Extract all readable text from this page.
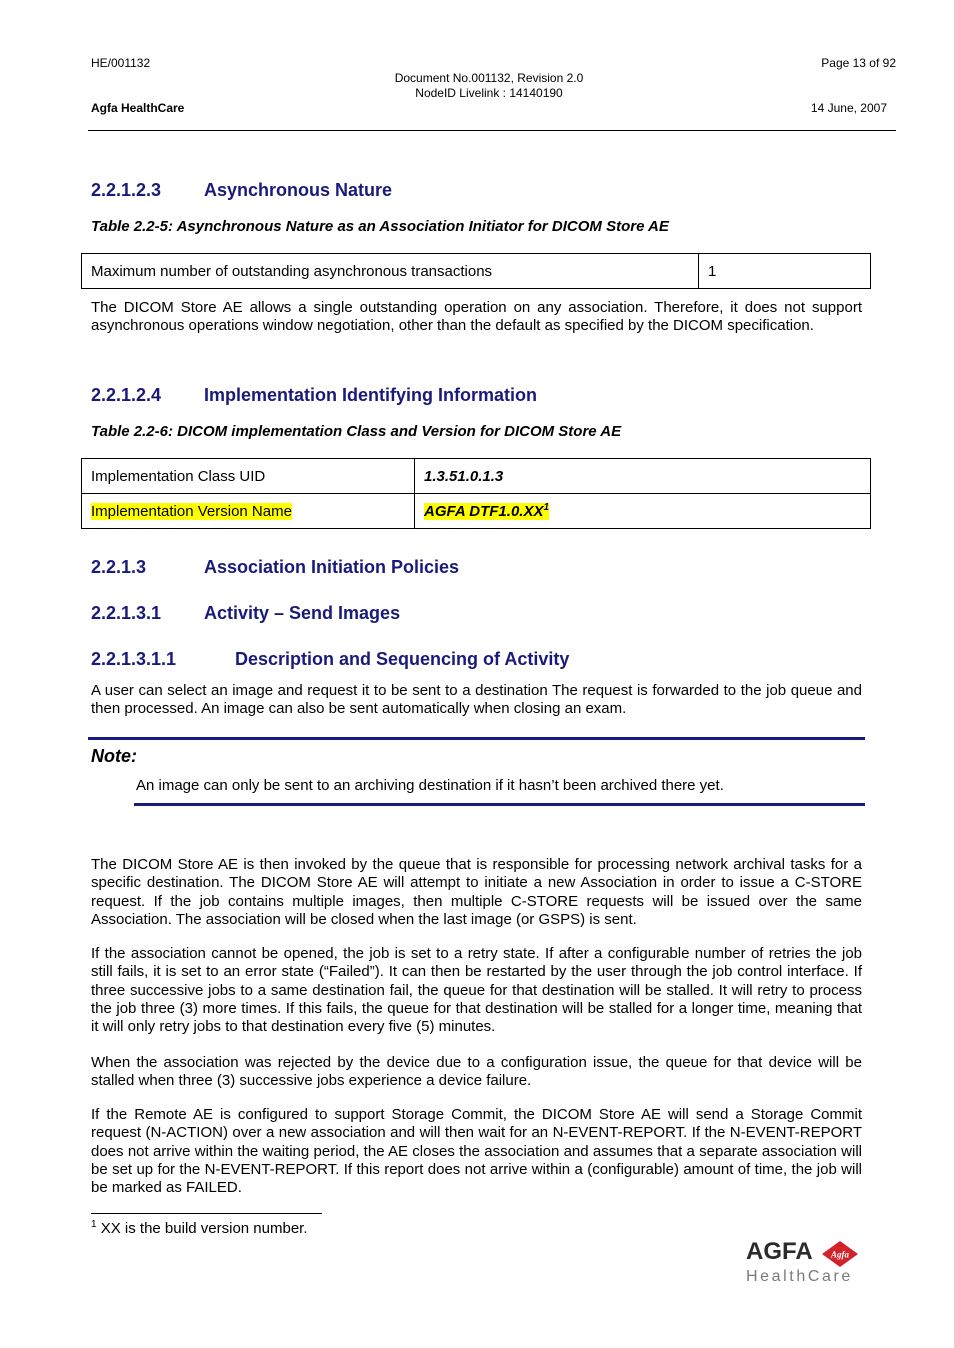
HE/001132	Page 13 of 92
Document No.001132, Revision 2.0
NodeID Livelink : 14140190
Agfa HealthCare	14 June, 2007
2.2.1.2.3 Asynchronous Nature
Table 2.2-5: Asynchronous Nature as an Association Initiator for DICOM Store AE
Maximum number of outstanding asynchronous transactions	1
The DICOM Store AE allows a single outstanding operation on any association. Therefore, it does not support asynchronous operations window negotiation, other than the default as specified by the DICOM specification.
2.2.1.2.4 Implementation Identifying Information
Table 2.2-6: DICOM implementation Class and Version for DICOM Store AE
Implementation Class UID	1.3.51.0.1.3
Implementation Version Name	AGFA $DTF1.0.XX^1$
2.2.1.3	Association Initiation Policies
2.2.1.3.1 Activity – Send Images
2.2.1.3.1.1	Description and Sequencing of Activity
A user can select an image and request it to be sent to a destination The request is forwarded to the job queue and then processed. An image can also be sent automatically when closing an exam.
Note:
An image can only be sent to an archiving destination if it hasn’t been archived there yet.
The DICOM Store AE is then invoked by the queue that is responsible for processing network archival tasks for a specific destination. The DICOM Store AE will attempt to initiate a new Association in order to issue a C-STORE request. If the job contains multiple images, then multiple C-STORE requests will be issued over the same Association. The association will be closed when the last image (or GSPS) is sent.
If the association cannot be opened, the job is set to a retry state. If after a configurable number of retries the job still fails, it is set to an error state (“Failed”). It can then be restarted by the user through the job control interface. If three successive jobs to a same destination fail, the queue for that destination will be stalled. It will retry to process the job three (3) more times. If this fails, the queue for that destination will be stalled for a longer time, meaning that it will only retry jobs to that destination every five (5) minutes.
When the association was rejected by the device due to a configuration issue, the queue for that device will be stalled when three (3) successive jobs experience a device failure.
If the Remote AE is configured to support Storage Commit, the DICOM Store AE will send a Storage Commit request (N-ACTION) over a new association and will then wait for an N-EVENT-REPORT. If the N-EVENT-REPORT does not arrive within the waiting period, the AE closes the association and assumes that a separate association will be set up for the N-EVENT-REPORT. If this report does not arrive within a (configurable) amount of time, the job will be marked as FAILED.
$^1$ XX is the build version number.
AGFA Agfa
HealthCare
